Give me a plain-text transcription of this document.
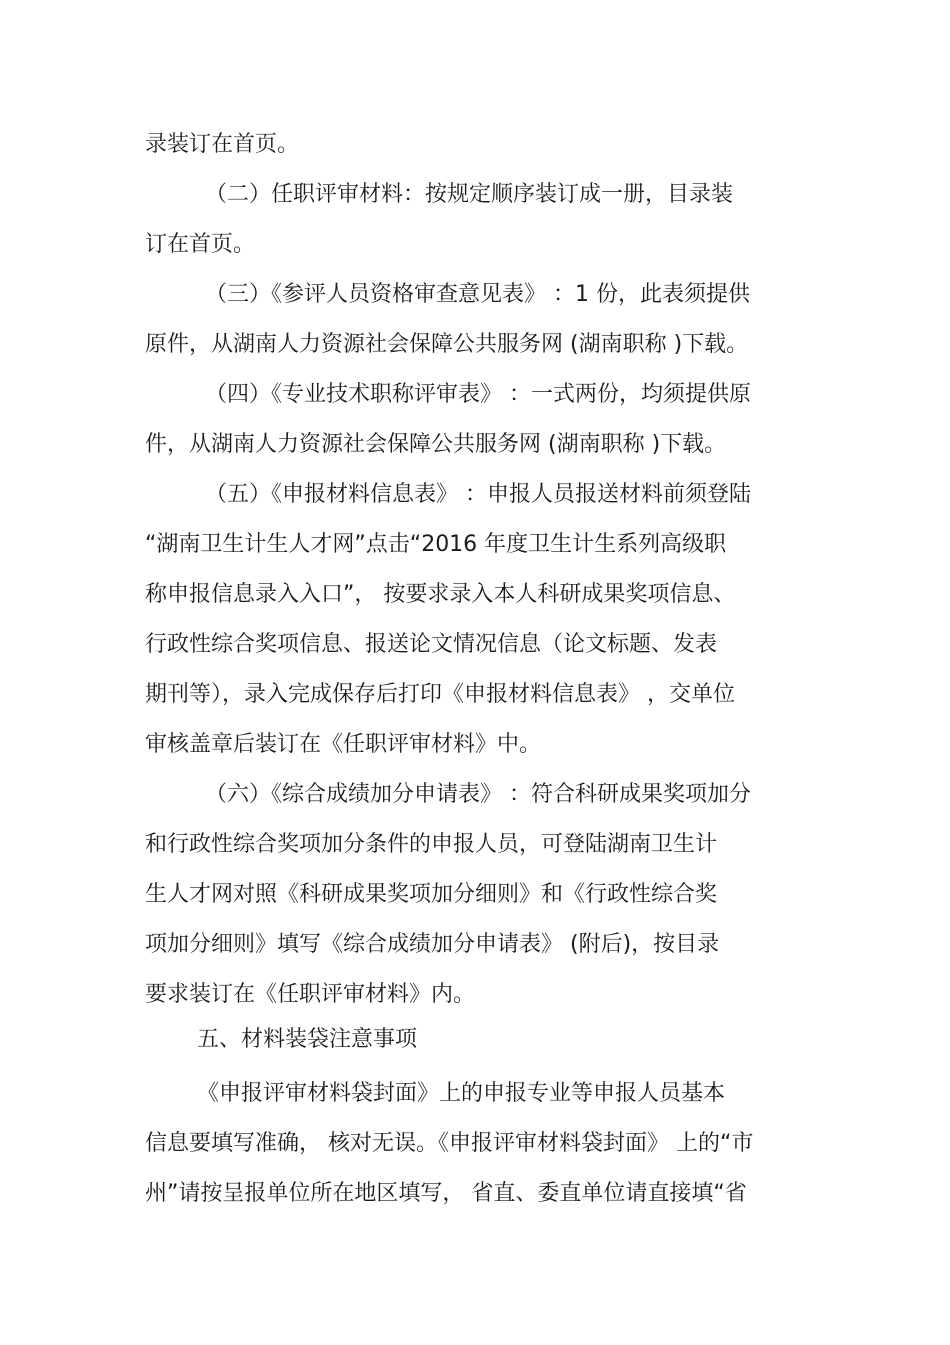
录装订在首页。
（二）任职评审材料：按规定顺序装订成一册，目录装
订在首页。
（三）《参评人员资格审查意见表》 ：1 份，此表须提供
原件，从湖南人力资源社会保障公共服务网 (湖南职称 )下载。
（四）《专业技术职称评审表》 ：一式两份，均须提供原
件，从湖南人力资源社会保障公共服务网 (湖南职称 )下载。
（五）《申报材料信息表》 ：申报人员报送材料前须登陆
“湖南卫生计生人才网”点击“2016 年度卫生计生系列高级职
称申报信息录入入口”， 按要求录入本人科研成果奖项信息、
行政性综合奖项信息、报送论文情况信息（论文标题、发表
期刊等），录入完成保存后打印《申报材料信息表》 ，交单位
审核盖章后装订在《任职评审材料》中。
（六）《综合成绩加分申请表》 ：符合科研成果奖项加分
和行政性综合奖项加分条件的申报人员，可登陆湖南卫生计
生人才网对照《科研成果奖项加分细则》和《行政性综合奖
项加分细则》填写《综合成绩加分申请表》 (附后)，按目录
要求装订在《任职评审材料》内。
五、材料装袋注意事项
《申报评审材料袋封面》上的申报专业等申报人员基本
信息要填写准确， 核对无误。《申报评审材料袋封面》 上的“市
州”请按呈报单位所在地区填写， 省直、委直单位请直接填“省
